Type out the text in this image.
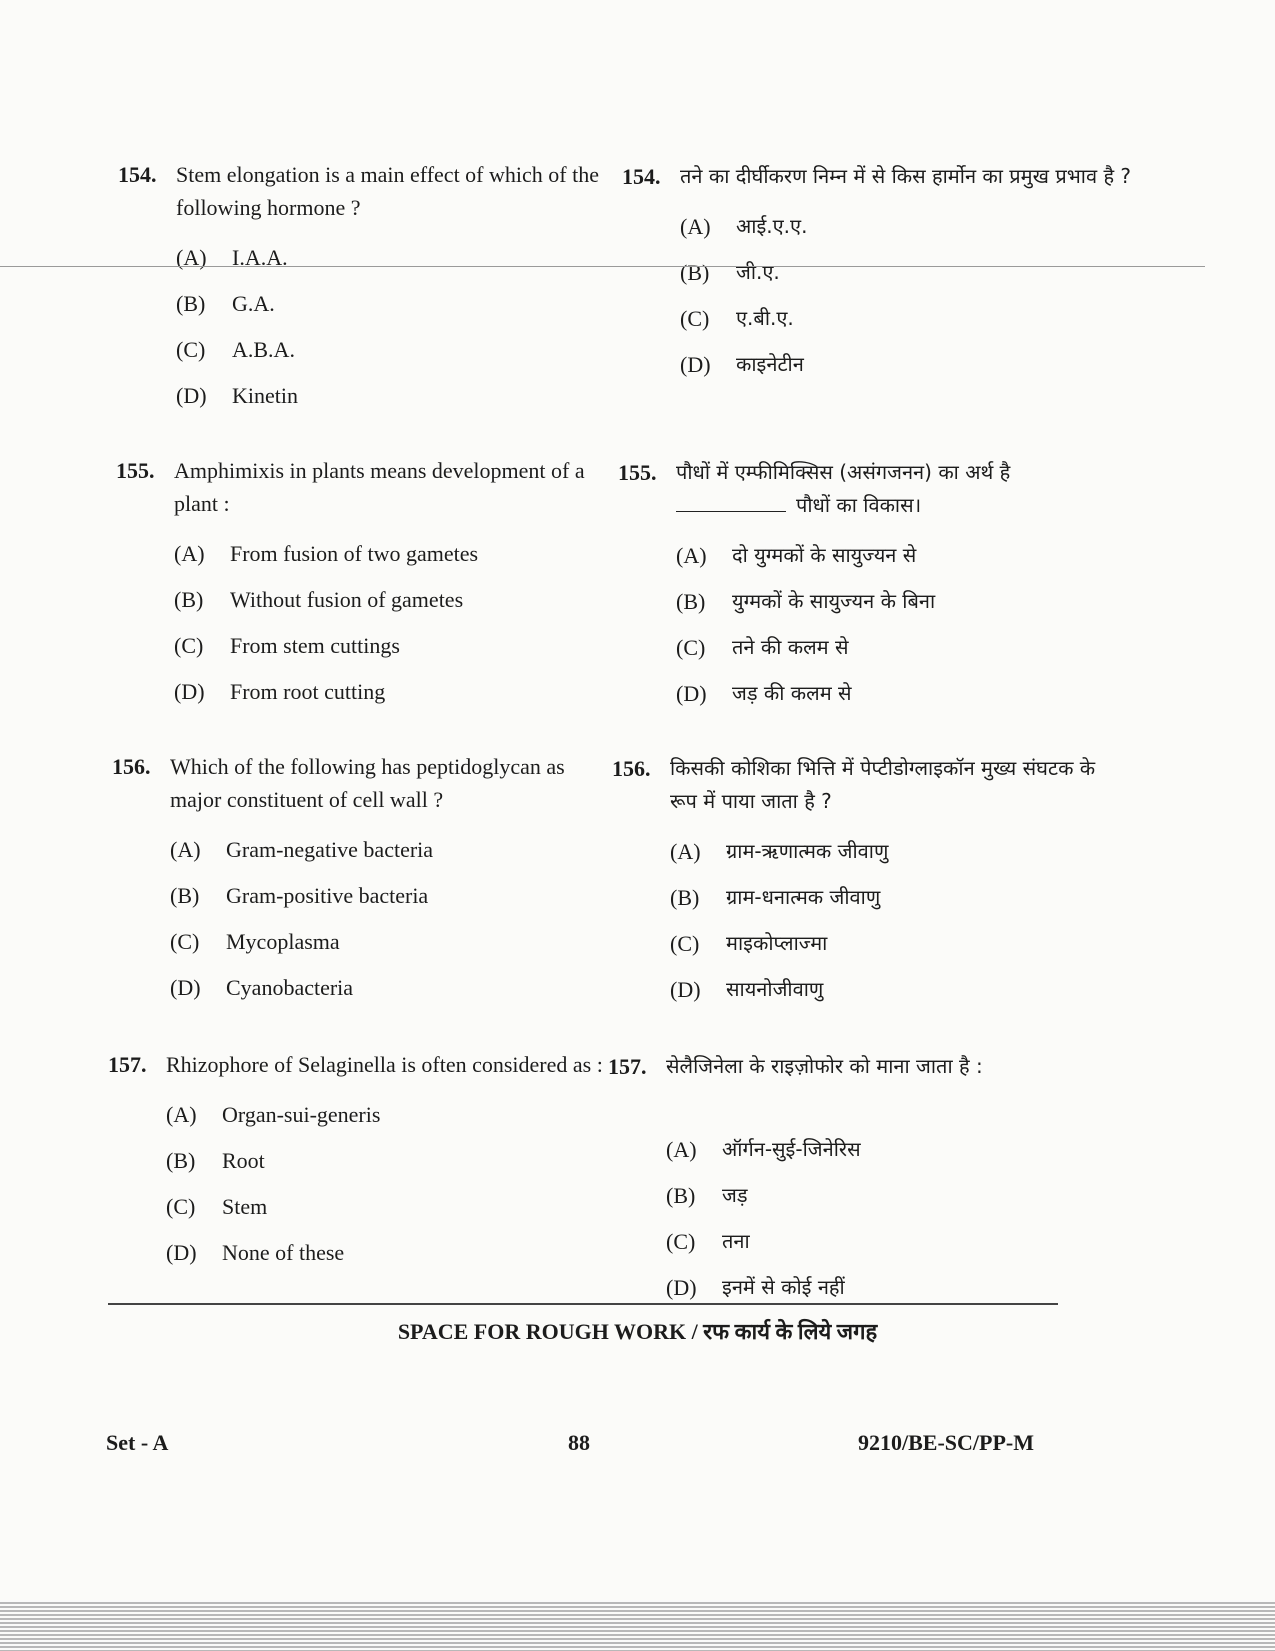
154. Stem elongation is a main effect of which of the following hormone ?
(A)	I.A.A.
(B)	G.A.
(C)	A.B.A.
(D)	Kinetin
154. तने का दीर्घीकरण निम्न में से किस हार्मोन का प्रमुख प्रभाव है ?
(A)	आई.ए.ए.
(B)	जी.ए.
(C)	ए.बी.ए.
(D)	काइनेटीन
155. Amphimixis in plants means development of a plant :
(A)	From fusion of two gametes
(B)	Without fusion of gametes
(C)	From stem cuttings
(D)	From root cutting
155. पौधों में एम्फीमिक्सिस (असंगजनन) का अर्थ है
पौधों का विकास।
(A)	दो युग्मकों के सायुज्यन से
(B)	युग्मकों के सायुज्यन के बिना
(C)	तने की कलम से
(D)	जड़ की कलम से
156. Which of the following has peptidoglycan as major constituent of cell wall ?
(A)	Gram-negative bacteria
(B)	Gram-positive bacteria
(C)	Mycoplasma
(D)	Cyanobacteria
156. किसकी कोशिका भित्ति में पेप्टीडोग्लाइकॉन मुख्य संघटक के रूप में पाया जाता है ?
(A)	ग्राम-ऋणात्मक जीवाणु
(B)	ग्राम-धनात्मक जीवाणु
(C)	माइकोप्लाज्मा
(D)	सायनोजीवाणु
157. Rhizophore of Selaginella is often considered as :
(A)	Organ-sui-generis
(B)	Root
(C)	Stem
(D)	None of these
157. सेलैजिनेला के राइज़ोफोर को माना जाता है :
(A)	ऑर्गन-सुई-जिनेरिस
(B)	जड़
(C)	तना
(D)	इनमें से कोई नहीं
SPACE FOR ROUGH WORK / रफ कार्य के लिये जगह
Set - A	88	9210/BE-SC/PP-M
